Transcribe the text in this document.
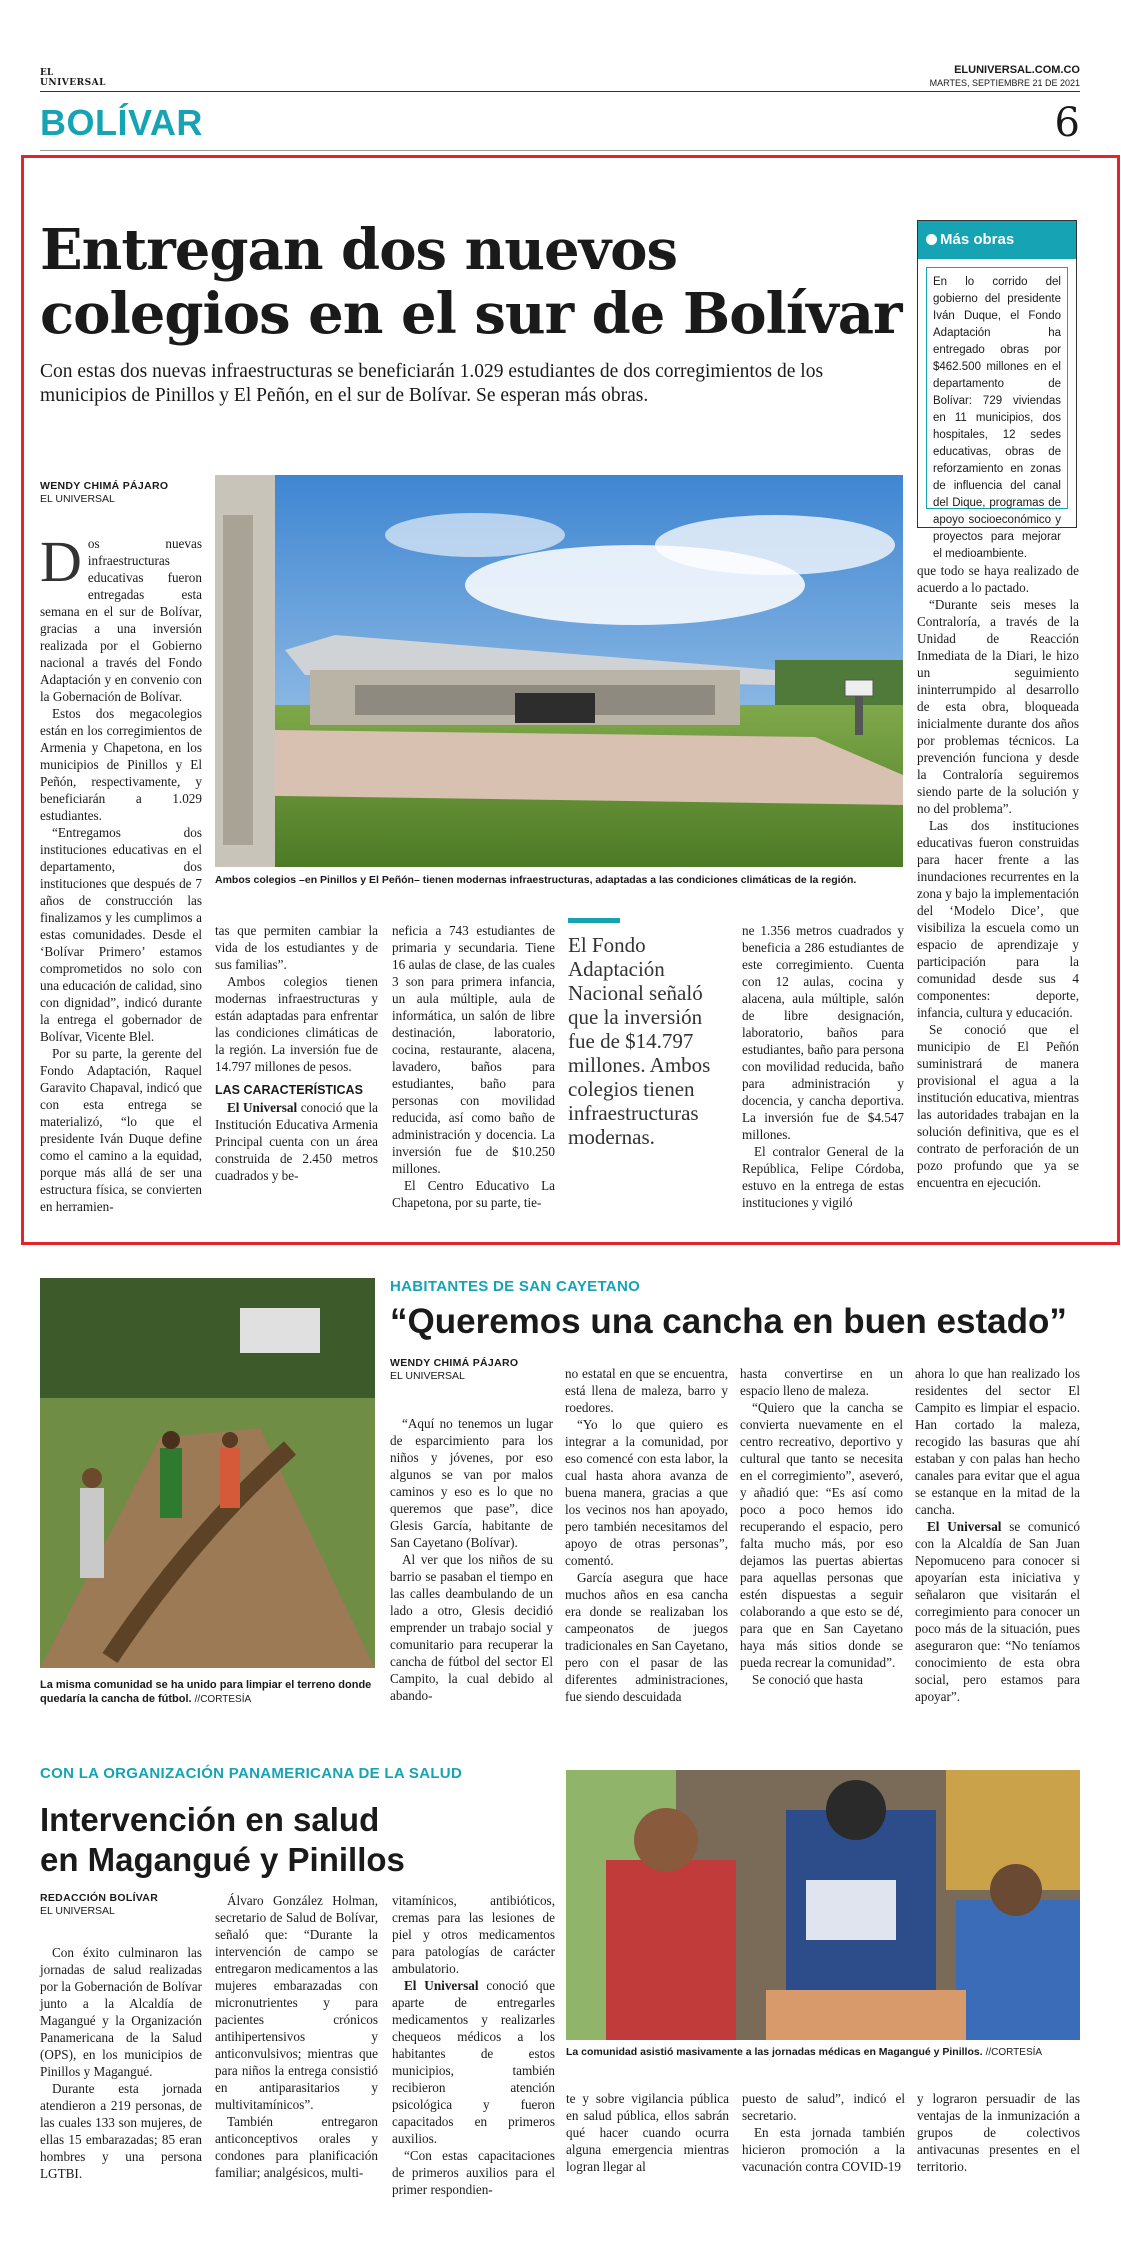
EL
UNIVERSAL
ELUNIVERSAL.COM.CO
MARTES, SEPTIEMBRE 21 DE 2021
BOLÍVAR	6
Entregan dos nuevos
colegios en el sur de Bolívar
Con estas dos nuevas infraestructuras se beneficiarán 1.029 estudiantes de dos corregimientos de los municipios de Pinillos y El Peñón, en el sur de Bolívar. Se esperan más obras.
Más obras
En lo corrido del gobierno del presidente Iván Duque, el Fondo Adaptación ha entregado obras por $462.500 millones en el departamento de Bolívar: 729 viviendas en 11 municipios, dos hospitales, 12 sedes educativas, obras de reforzamiento en zonas de influencia del canal del Dique, programas de apoyo socioeconómico y proyectos para mejorar el medioambiente.
WENDY CHIMÁ PÁJARO
EL UNIVERSAL
Ambos colegios –en Pinillos y El Peñón– tienen modernas infraestructuras, adaptadas a las condiciones climáticas de la región.
D os nuevas infraestructuras educativas fueron entregadas esta semana en el sur de Bolívar, gracias a una inversión realizada por el Gobierno nacional a través del Fondo Adaptación y en convenio con la Gobernación de Bolívar.

Estos dos megacolegios están en los corregimientos de Armenia y Chapetona, en los municipios de Pinillos y El Peñón, respectivamente, y beneficiarán a 1.029 estudiantes.

“Entregamos dos instituciones educativas en el departamento, dos instituciones que después de 7 años de construcción las finalizamos y les cumplimos a estas comunidades. Desde el ‘Bolívar Primero’ estamos comprometidos no solo con una educación de calidad, sino con dignidad”, indicó durante la entrega el gobernador de Bolívar, Vicente Blel.

Por su parte, la gerente del Fondo Adaptación, Raquel Garavito Chapaval, indicó que con esta entrega se materializó, “lo que el presidente Iván Duque define como el camino a la equidad, porque más allá de ser una estructura física, se convierten en herramien-

tas que permiten cambiar la vida de los estudiantes y de sus familias”.

Ambos colegios tienen modernas infraestructuras y están adaptadas para enfrentar las condiciones climáticas de la región. La inversión fue de 14.797 millones de pesos.

LAS CARACTERÍSTICAS

El Universal conoció que la Institución Educativa Armenia Principal cuenta con un área construida de 2.450 metros cuadrados y be-

neficia a 743 estudiantes de primaria y secundaria. Tiene 16 aulas de clase, de las cuales 3 son para primera infancia, un aula múltiple, aula de informática, un salón de libre destinación, laboratorio, cocina, restaurante, alacena, lavadero, baños para estudiantes, baño para personas con movilidad reducida, así como baño de administración y docencia. La inversión fue de $10.250 millones.

El Centro Educativo La Chapetona, por su parte, tie-

El Fondo Adaptación Nacional señaló que la inversión fue de $14.797 millones. Ambos colegios tienen infraestructuras modernas.

ne 1.356 metros cuadrados y beneficia a 286 estudiantes de este corregimiento. Cuenta con 12 aulas, cocina y alacena, aula múltiple, salón de libre designación, laboratorio, baños para estudiantes, baño para persona con movilidad reducida, baño para administración y docencia, y cancha deportiva. La inversión fue de $4.547 millones.

El contralor General de la República, Felipe Córdoba, estuvo en la entrega de estas instituciones y vigiló

que todo se haya realizado de acuerdo a lo pactado.

“Durante seis meses la Contraloría, a través de la Unidad de Reacción Inmediata de la Diari, le hizo un seguimiento ininterrumpido al desarrollo de esta obra, bloqueada inicialmente durante dos años por problemas técnicos. La prevención funciona y desde la Contraloría seguiremos siendo parte de la solución y no del problema”.

Las dos instituciones educativas fueron construidas para hacer frente a las inundaciones recurrentes en la zona y bajo la implementación del ‘Modelo Dice’, que visibiliza la escuela como un espacio de aprendizaje y participación para la comunidad desde sus 4 componentes: deporte, infancia, cultura y educación.

Se conoció que el municipio de El Peñón suministrará de manera provisional el agua a la institución educativa, mientras las autoridades trabajan en la solución definitiva, que es el contrato de perforación de un pozo profundo que ya se encuentra en ejecución.

La misma comunidad se ha unido para limpiar el terreno donde quedaría la cancha de fútbol. //CORTESÍA
HABITANTES DE SAN CAYETANO
“Queremos una cancha en buen estado”
WENDY CHIMÁ PÁJARO
EL UNIVERSAL

“Aquí no tenemos un lugar de esparcimiento para los niños y jóvenes, por eso algunos se van por malos caminos y eso es lo que no queremos que pase”, dice Glesis García, habitante de San Cayetano (Bolívar).

Al ver que los niños de su barrio se pasaban el tiempo en las calles deambulando de un lado a otro, Glesis decidió emprender un trabajo social y comunitario para recuperar la cancha de fútbol del sector El Campito, la cual debido al abando-

no estatal en que se encuentra, está llena de maleza, barro y roedores.

“Yo lo que quiero es integrar a la comunidad, por eso comencé con esta labor, la cual hasta ahora avanza de buena manera, gracias a que los vecinos nos han apoyado, pero también necesitamos del apoyo de otras personas”, comentó.

García asegura que hace muchos años en esa cancha era donde se realizaban los campeonatos de juegos tradicionales en San Cayetano, pero con el pasar de las diferentes administraciones, fue siendo descuidada

hasta convertirse en un espacio lleno de maleza.

“Quiero que la cancha se convierta nuevamente en el centro recreativo, deportivo y cultural que tanto se necesita en el corregimiento”, aseveró, y añadió que: “Es así como poco a poco hemos ido recuperando el espacio, pero falta mucho más, por eso dejamos las puertas abiertas para aquellas personas que estén dispuestas a seguir colaborando a que esto se dé, para que en San Cayetano haya más sitios donde se pueda recrear la comunidad”.

Se conoció que hasta

ahora lo que han realizado los residentes del sector El Campito es limpiar el espacio. Han cortado la maleza, recogido las basuras que ahí estaban y con palas han hecho canales para evitar que el agua se estanque en la mitad de la cancha.

El Universal se comunicó con la Alcaldía de San Juan Nepomuceno para conocer si apoyarían esta iniciativa y señalaron que visitarán el corregimiento para conocer un poco más de la situación, pues aseguraron que: “No teníamos conocimiento de esta obra social, pero estamos para apoyar”.

CON LA ORGANIZACIÓN PANAMERICANA DE LA SALUD
Intervención en salud
en Magangué y Pinillos
REDACCIÓN BOLÍVAR
EL UNIVERSAL
La comunidad asistió masivamente a las jornadas médicas en Magangué y Pinillos. //CORTESÍA

Con éxito culminaron las jornadas de salud realizadas por la Gobernación de Bolívar junto a la Alcaldía de Magangué y la Organización Panamericana de la Salud (OPS), en los municipios de Pinillos y Magangué.

Durante esta jornada atendieron a 219 personas, de las cuales 133 son mujeres, de ellas 15 embarazadas; 85 eran hombres y una persona LGTBI.

Álvaro González Holman, secretario de Salud de Bolívar, señaló que: “Durante la intervención de campo se entregaron medicamentos a las mujeres embarazadas con micronutrientes y para pacientes crónicos antihipertensivos y anticonvulsivos; mientras que para niños la entrega consistió en antiparasitarios y multivitamínicos”.

También entregaron anticonceptivos orales y condones para planificación familiar; analgésicos, multi-

vitamínicos, antibióticos, cremas para las lesiones de piel y otros medicamentos para patologías de carácter ambulatorio.

El Universal conoció que aparte de entregarles medicamentos y realizarles chequeos médicos a los habitantes de estos municipios, también recibieron atención psicológica y fueron capacitados en primeros auxilios.

“Con estas capacitaciones de primeros auxilios para el primer respondien-

te y sobre vigilancia pública en salud pública, ellos sabrán qué hacer cuando ocurra alguna emergencia mientras logran llegar al

puesto de salud”, indicó el secretario.

En esta jornada también hicieron promoción a la vacunación contra COVID-19

y lograron persuadir de las ventajas de la inmunización a grupos de colectivos antivacunas presentes en el territorio.
